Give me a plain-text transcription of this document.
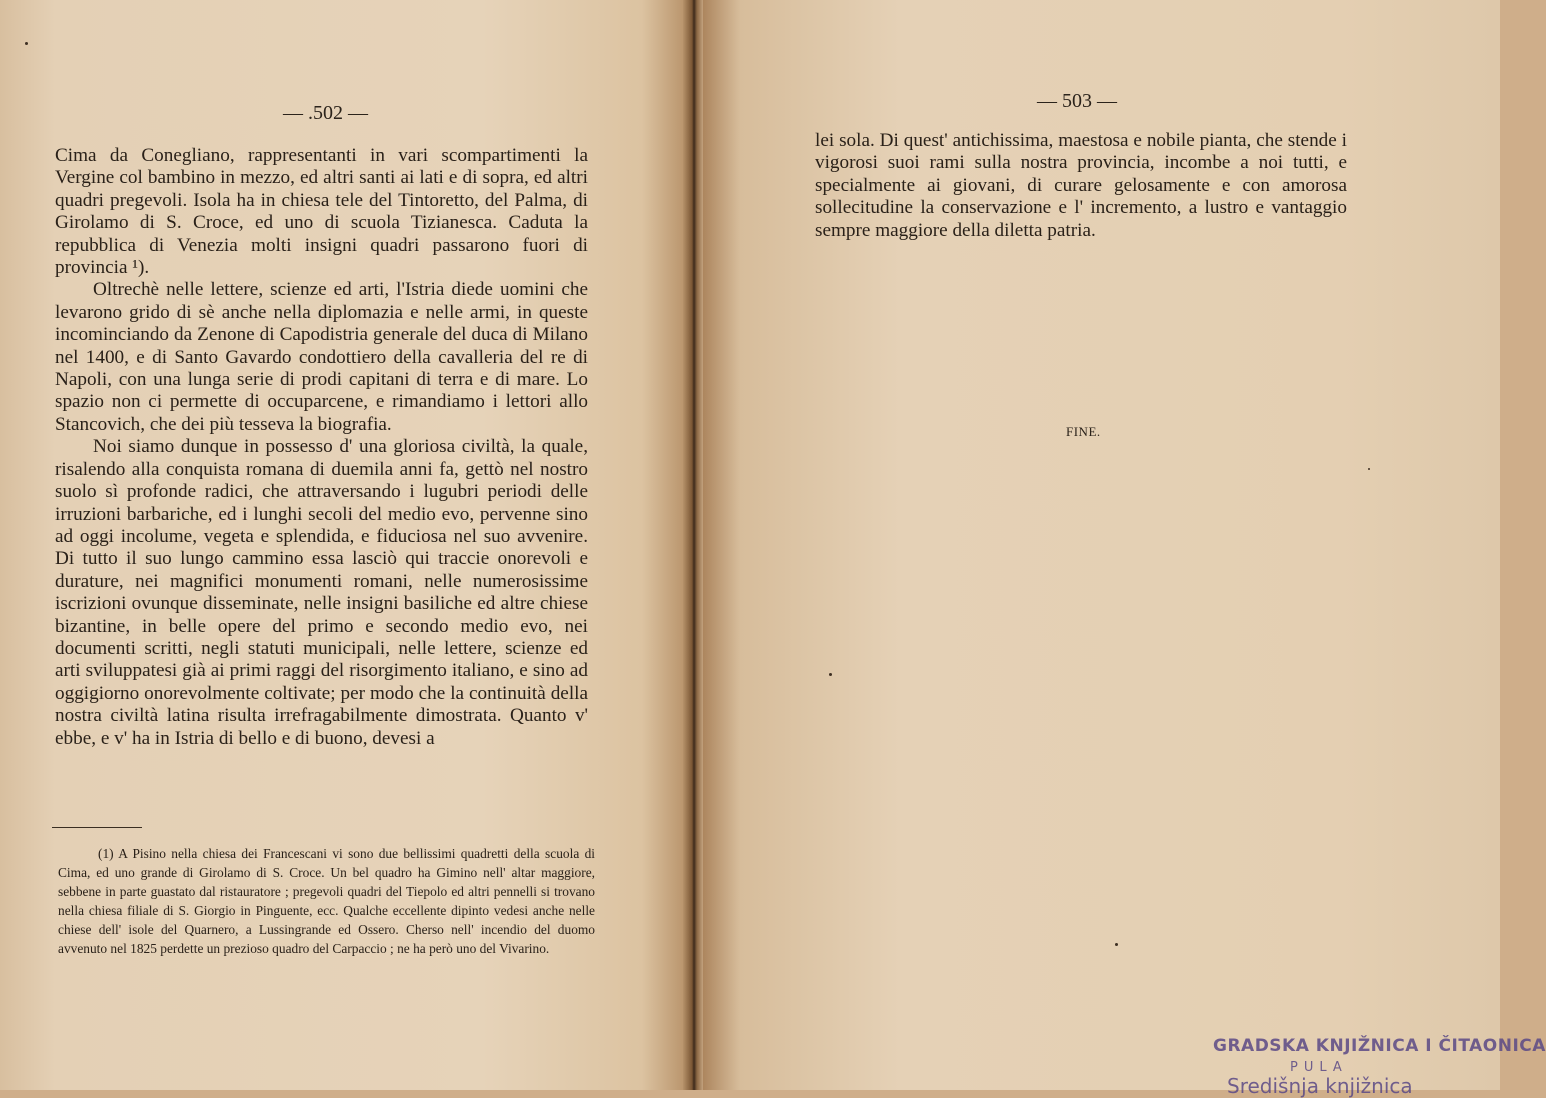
— .502 —

Cima da Conegliano, rappresentanti in vari scompartimenti la Vergine col bambino in mezzo, ed altri santi ai lati e di sopra, ed altri quadri pregevoli. Isola ha in chiesa tele del Tintoretto, del Palma, di Girolamo di S. Croce, ed uno di scuola Tizianesca. Caduta la repubblica di Venezia molti insigni quadri passarono fuori di provincia ¹).

Oltrechè nelle lettere, scienze ed arti, l'Istria diede uomini che levarono grido di sè anche nella diplomazia e nelle armi, in queste incominciando da Zenone di Capodistria generale del duca di Milano nel 1400, e di Santo Gavardo condottiero della cavalleria del re di Napoli, con una lunga serie di prodi capitani di terra e di mare. Lo spazio non ci permette di occuparcene, e rimandiamo i lettori allo Stancovich, che dei più tesseva la biografia.

Noi siamo dunque in possesso d' una gloriosa civiltà, la quale, risalendo alla conquista romana di duemila anni fa, gettò nel nostro suolo sì profonde radici, che attraversando i lugubri periodi delle irruzioni barbariche, ed i lunghi secoli del medio evo, pervenne sino ad oggi incolume, vegeta e splendida, e fiduciosa nel suo avvenire. Di tutto il suo lungo cammino essa lasciò qui traccie onorevoli e durature, nei magnifici monumenti romani, nelle numerosissime iscrizioni ovunque disseminate, nelle insigni basiliche ed altre chiese bizantine, in belle opere del primo e secondo medio evo, nei documenti scritti, negli statuti municipali, nelle lettere, scienze ed arti sviluppatesi già ai primi raggi del risorgimento italiano, e sino ad oggigiorno onorevolmente coltivate; per modo che la continuità della nostra civiltà latina risulta irrefragabilmente dimostrata. Quanto v' ebbe, e v' ha in Istria di bello e di buono, devesi a

(1) A Pisino nella chiesa dei Francescani vi sono due bellissimi quadretti della scuola di Cima, ed uno grande di Girolamo di S. Croce. Un bel quadro ha Gimino nell' altar maggiore, sebbene in parte guastato dal ristauratore ; pregevoli quadri del Tiepolo ed altri pennelli si trovano nella chiesa filiale di S. Giorgio in Pinguente, ecc. Qualche eccellente dipinto vedesi anche nelle chiese dell' isole del Quarnero, a Lussingrande ed Ossero. Cherso nell' incendio del duomo avvenuto nel 1825 perdette un prezioso quadro del Carpaccio ; ne ha però uno del Vivarino.
— 503 —

lei sola. Di quest' antichissima, maestosa e nobile pianta, che stende i vigorosi suoi rami sulla nostra provincia, incombe a noi tutti, e specialmente ai giovani, di curare gelosamente e con amorosa sollecitudine la conservazione e l' incremento, a lustro e vantaggio sempre maggiore della diletta patria.

FINE.
GRADSKA KNJIŽNICA I ČITAONICA
PULA
Središnja knjižnica
